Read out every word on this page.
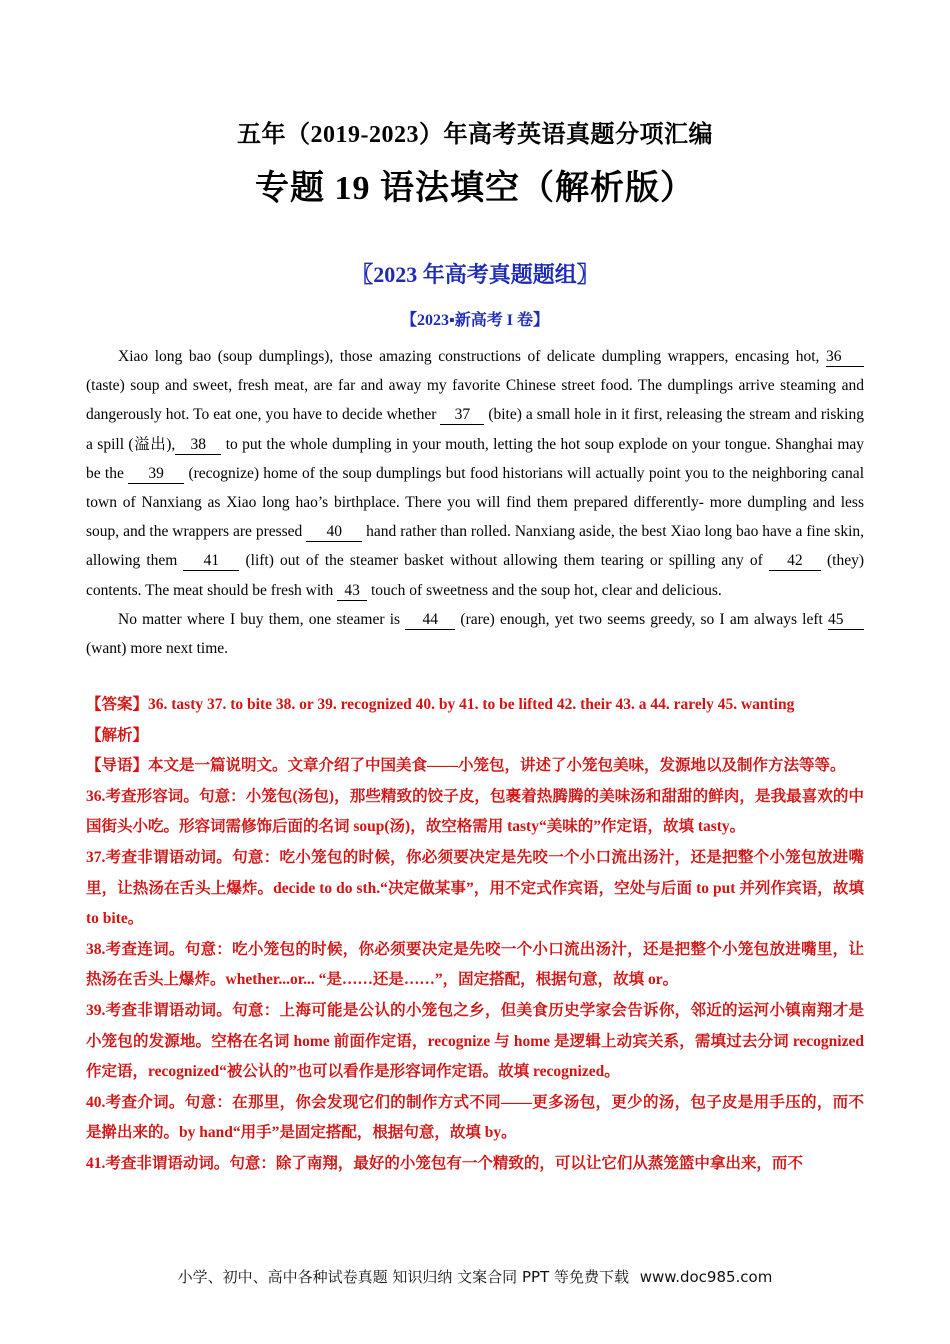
五年（2019-2023）年高考英语真题分项汇编
专题 19 语法填空（解析版）
〖2023 年高考真题题组〗
【2023▪新高考 I 卷】

Xiao long bao (soup dumplings), those amazing constructions of delicate dumpling wrappers, encasing hot, 36 (taste) soup and sweet, fresh meat, are far and away my favorite Chinese street food. The dumplings arrive steaming and dangerously hot. To eat one, you have to decide whether 37 (bite) a small hole in it first, releasing the stream and risking a spill (溢出), 38 to put the whole dumpling in your mouth, letting the hot soup explode on your tongue. Shanghai may be the 39 (recognize) home of the soup dumplings but food historians will actually point you to the neighboring canal town of Nanxiang as Xiao long hao’s birthplace. There you will find them prepared differently- more dumpling and less soup, and the wrappers are pressed 40 hand rather than rolled. Nanxiang aside, the best Xiao long bao have a fine skin, allowing them 41 (lift) out of the steamer basket without allowing them tearing or spilling any of 42 (they) contents. The meat should be fresh with 43 touch of sweetness and the soup hot, clear and delicious.

No matter where I buy them, one steamer is 44 (rare) enough, yet two seems greedy, so I am always left 45 (want) more next time.

【答案】36. tasty 37. to bite 38. or 39. recognized 40. by 41. to be lifted 42. their 43. a 44. rarely 45. wanting

【解析】

【导语】本文是一篇说明文。文章介绍了中国美食——小笼包，讲述了小笼包美味，发源地以及制作方法等等。

36.考查形容词。句意：小笼包(汤包)，那些精致的饺子皮，包裹着热腾腾的美味汤和甜甜的鲜肉，是我最喜欢的中国街头小吃。形容词需修饰后面的名词 soup(汤)，故空格需用 tasty“美味的”作定语，故填 tasty。

37.考查非谓语动词。句意：吃小笼包的时候，你必须要决定是先咬一个小口流出汤汁，还是把整个小笼包放进嘴里，让热汤在舌头上爆炸。decide to do sth.“决定做某事”，用不定式作宾语，空处与后面 to put 并列作宾语，故填 to bite。

38.考查连词。句意：吃小笼包的时候，你必须要决定是先咬一个小口流出汤汁，还是把整个小笼包放进嘴里，让热汤在舌头上爆炸。whether...or... “是……还是……”，固定搭配，根据句意，故填 or。

39.考查非谓语动词。句意：上海可能是公认的小笼包之乡，但美食历史学家会告诉你，邻近的运河小镇南翔才是小笼包的发源地。空格在名词 home 前面作定语，recognize 与 home 是逻辑上动宾关系，需填过去分词 recognized 作定语，recognized“被公认的”也可以看作是形容词作定语。故填 recognized。

40.考查介词。句意：在那里，你会发现它们的制作方式不同——更多汤包，更少的汤，包子皮是用手压的，而不是擀出来的。by hand“用手”是固定搭配，根据句意，故填 by。

41.考查非谓语动词。句意：除了南翔，最好的小笼包有一个精致的，可以让它们从蒸笼篮中拿出来，而不

小学、初中、高中各种试卷真题 知识归纳 文案合同 PPT 等免费下载 www.doc985.com
